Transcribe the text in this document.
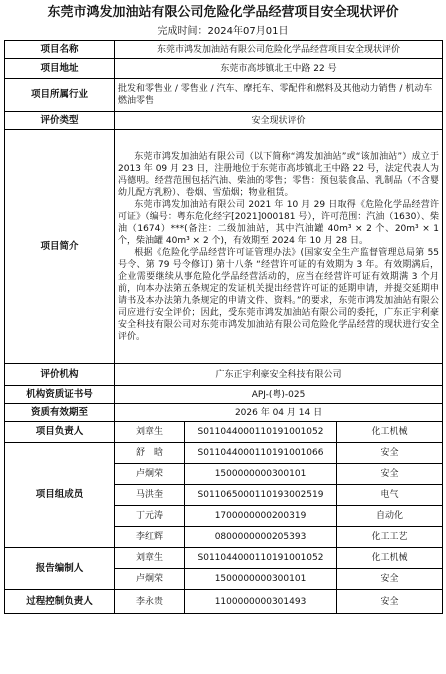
东莞市鸿发加油站有限公司危险化学品经营项目安全现状评价
完成时间：2024年07月01日
项目名称	东莞市鸿发加油站有限公司危险化学品经营项目安全现状评价		
项目地址	东莞市高埗镇北王中路 22 号		
项目所属行业	批发和零售业 / 零售业 / 汽车、摩托车、零配件和燃料及其他动力销售 / 机动车燃油零售		
评价类型	安全现状评价		
项目简介	东莞市鸿发加油站有限公司（以下简称“鸿发加油站”或“该加油站”）成立于 2013 年 09 月 23 日，注册地位于东莞市高埗镇北王中路 22 号，法定代表人为冯德明。经营范围包括汽油、柴油的零售；零售：预包装食品、乳制品（不含婴幼儿配方乳粉）、卷烟、雪茄烟；物业租赁。

东莞市鸿发加油站有限公司 2021 年 10 月 29 日取得《危险化学品经营许可证》（编号：粤东危化经字[2021]000181 号），许可范围：汽油（1630）、柴油（1674）***(备注：二级加油站，其中汽油罐 40m³ × 2 个、20m³ × 1 个，柴油罐 40m³ × 2 个)，有效期至 2024 年 10 月 28 日。

根据《危险化学品经营许可证管理办法》(国家安全生产监督管理总局第 55 号令、第 79 号令修订) 第十八条 “经营许可证的有效期为 3 年。有效期满后，企业需要继续从事危险化学品经营活动的，应当在经营许可证有效期满 3 个月前，向本办法第五条规定的发证机关提出经营许可证的延期申请，并提交延期申请书及本办法第九条规定的申请文件、资料。”的要求，东莞市鸿发加油站有限公司应进行安全评价；因此，受东莞市鸿发加油站有限公司的委托，广东正宇利豪安全科技有限公司对东莞市鸿发加油站有限公司危险化学品经营的现状进行安全评价。		

评价机构	广东正宇利豪安全科技有限公司		
机构资质证书号	APJ-(粤)-025		
资质有效期至	2026 年 04 月 14 日		
项目负责人	刘章生	S011044000110191001052	化工机械
项目组成员	舒　晗	S011044000110191001066	安全
	卢炯荣	1500000000300101	安全
	马洪奎	S011065000110193002519	电气
	丁元涛	1700000000200319	自动化
	李红辉	0800000000205393	化工工艺
报告编制人	刘章生	S011044000110191001052	化工机械
	卢炯荣	1500000000300101	安全
过程控制负责人	李永贵	1100000000301493	安全
